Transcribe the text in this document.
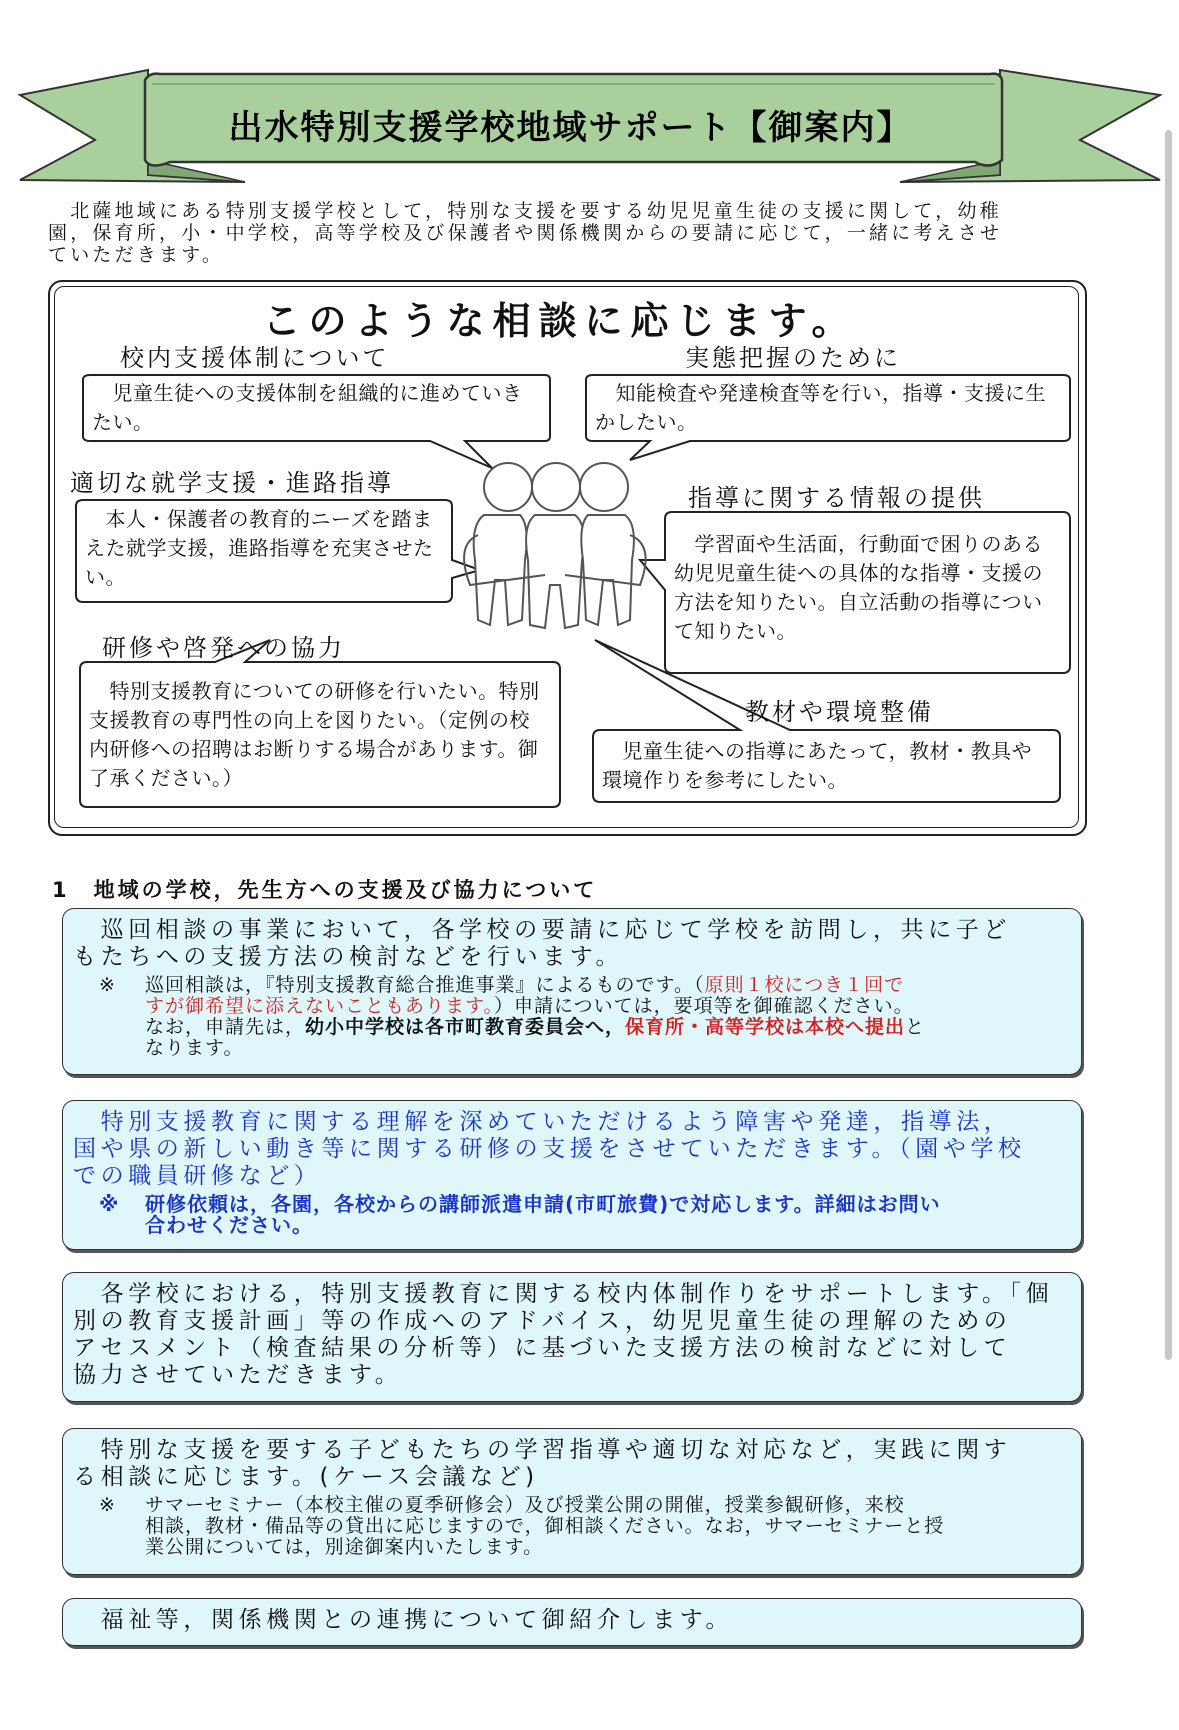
出水特別支援学校地域サポート【御案内】

　北薩地域にある特別支援学校として，特別な支援を要する幼児児童生徒の支援に関して，幼稚

園，保育所，小・中学校，高等学校及び保護者や関係機関からの要請に応じて，一緒に考えさせ

ていただきます。

このような相談に応じます。
校内支援体制について	実態把握のために
適切な就学支援・進路指導
指導に関する情報の提供
研修や啓発への協力
教材や環境整備
　児童生徒への支援体制を組織的に進めていき
たい。
　知能検査や発達検査等を行い，指導・支援に生
かしたい。
　本人・保護者の教育的ニーズを踏ま
えた就学支援，進路指導を充実させた
い。
　学習面や生活面，行動面で困りのある
幼児児童生徒への具体的な指導・支援の
方法を知りたい。自立活動の指導につい
て知りたい。
　特別支援教育についての研修を行いたい。特別
支援教育の専門性の向上を図りたい。（定例の校
内研修への招聘はお断りする場合があります。御
了承ください。）
　児童生徒への指導にあたって，教材・教具や
環境作りを参考にしたい。
1　 地域の学校，先生方への支援及び協力について
　巡回相談の事業において，各学校の要請に応じて学校を訪問し，共に子ど
もたちへの支援方法の検討などを行います。
※ 巡回相談は，『特別支援教育総合推進事業』によるものです。（原則１校につき１回で
すが御希望に添えないこともあります。）申請については，要項等を御確認ください。
なお，申請先は，幼小中学校は各市町教育委員会へ，保育所・高等学校は本校へ提出と
なります。
　特別支援教育に関する理解を深めていただけるよう障害や発達，指導法，
国や県の新しい動き等に関する研修の支援をさせていただきます。（園や学校
での職員研修など）
※ 研修依頼は，各園，各校からの講師派遣申請(市町旅費)で対応します。詳細はお問い
合わせください。
　各学校における，特別支援教育に関する校内体制作りをサポートします。「個
別の教育支援計画」等の作成へのアドバイス，幼児児童生徒の理解のための
アセスメント（検査結果の分析等）に基づいた支援方法の検討などに対して
協力させていただきます。
　特別な支援を要する子どもたちの学習指導や適切な対応など，実践に関す
る相談に応じます。(ケース会議など)
※ サマーセミナー（本校主催の夏季研修会）及び授業公開の開催，授業参観研修，来校
相談，教材・備品等の貸出に応じますので，御相談ください。なお，サマーセミナーと授
業公開については，別途御案内いたします。
　福祉等，関係機関との連携について御紹介します。
